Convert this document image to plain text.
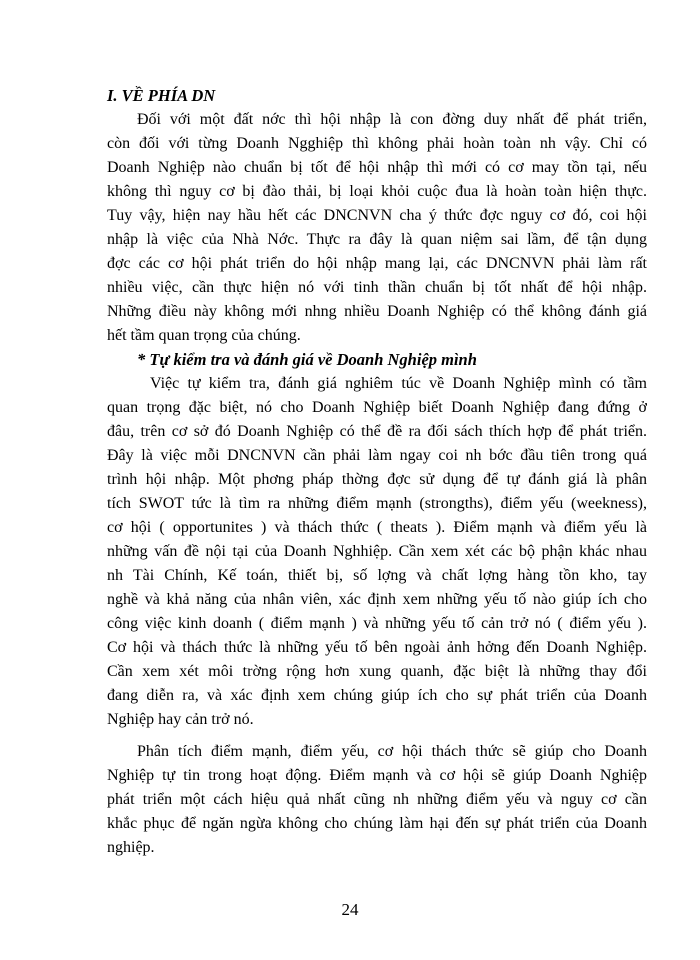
I. VỀ PHÍA DN
Đối với một đất nớc thì hội nhập là con đờng duy nhất để phát triển,
còn đối với từng Doanh Ngghiệp thì không phải hoàn toàn nh vậy. Chỉ có
Doanh Nghiệp nào chuẩn bị tốt để hội nhập thì mới có cơ may tồn tại, nếu
không thì nguy cơ bị đào thải, bị loại khỏi cuộc đua là hoàn toàn hiện thực.
Tuy vậy, hiện nay hầu hết các DNCNVN cha ý thức đợc nguy cơ đó, coi hội
nhập là việc của Nhà Nớc. Thực ra đây là quan niệm sai lầm, để tận dụng
đợc các cơ hội phát triển do hội nhập mang lại, các DNCNVN phải làm rất
nhiều việc, cần thực hiện nó với tinh thần chuẩn bị tốt nhất để hội nhập.
Những điều này không mới nhng nhiều Doanh Nghiệp có thể không đánh giá
hết tầm quan trọng của chúng.
* Tự kiểm tra và đánh giá về Doanh Nghiệp mình
Việc tự kiểm tra, đánh giá nghiêm túc về Doanh Nghiệp mình có tầm
quan trọng đặc biệt, nó cho Doanh Nghiệp biết Doanh Nghiệp đang đứng ở
đâu, trên cơ sở đó Doanh Nghiệp có thể đề ra đối sách thích hợp để phát triển.
Đây là việc mỗi DNCNVN cần phải làm ngay coi nh bớc đầu tiên trong quá
trình hội nhập. Một phơng pháp thờng đợc sử dụng để tự đánh giá là phân
tích SWOT tức là tìm ra những điểm mạnh (strongths), điểm yếu (weekness),
cơ hội ( opportunites ) và thách thức ( theats ). Điểm mạnh và điểm yếu là
những vấn đề nội tại của Doanh Nghhiệp. Cần xem xét các bộ phận khác nhau
nh Tài Chính, Kế toán, thiết bị, số lợng và chất lợng hàng tồn kho, tay
nghề và khả năng của nhân viên, xác định xem những yếu tố nào giúp ích cho
công việc kinh doanh ( điểm mạnh ) và những yếu tố cản trở nó ( điểm yếu ).
Cơ hội và thách thức là những yếu tố bên ngoài ảnh hởng đến Doanh Nghiệp.
Cần xem xét môi trờng rộng hơn xung quanh, đặc biệt là những thay đổi
đang diễn ra, và xác định xem chúng giúp ích cho sự phát triển của Doanh
Nghiệp hay cản trở nó.
Phân tích điểm mạnh, điểm yếu, cơ hội thách thức sẽ giúp cho Doanh
Nghiệp tự tin trong hoạt động. Điểm mạnh và cơ hội sẽ giúp Doanh Nghiệp
phát triển một cách hiệu quả nhất cũng nh những điểm yếu và nguy cơ cần
khắc phục để ngăn ngừa không cho chúng làm hại đến sự phát triển của Doanh
nghiệp.
24
